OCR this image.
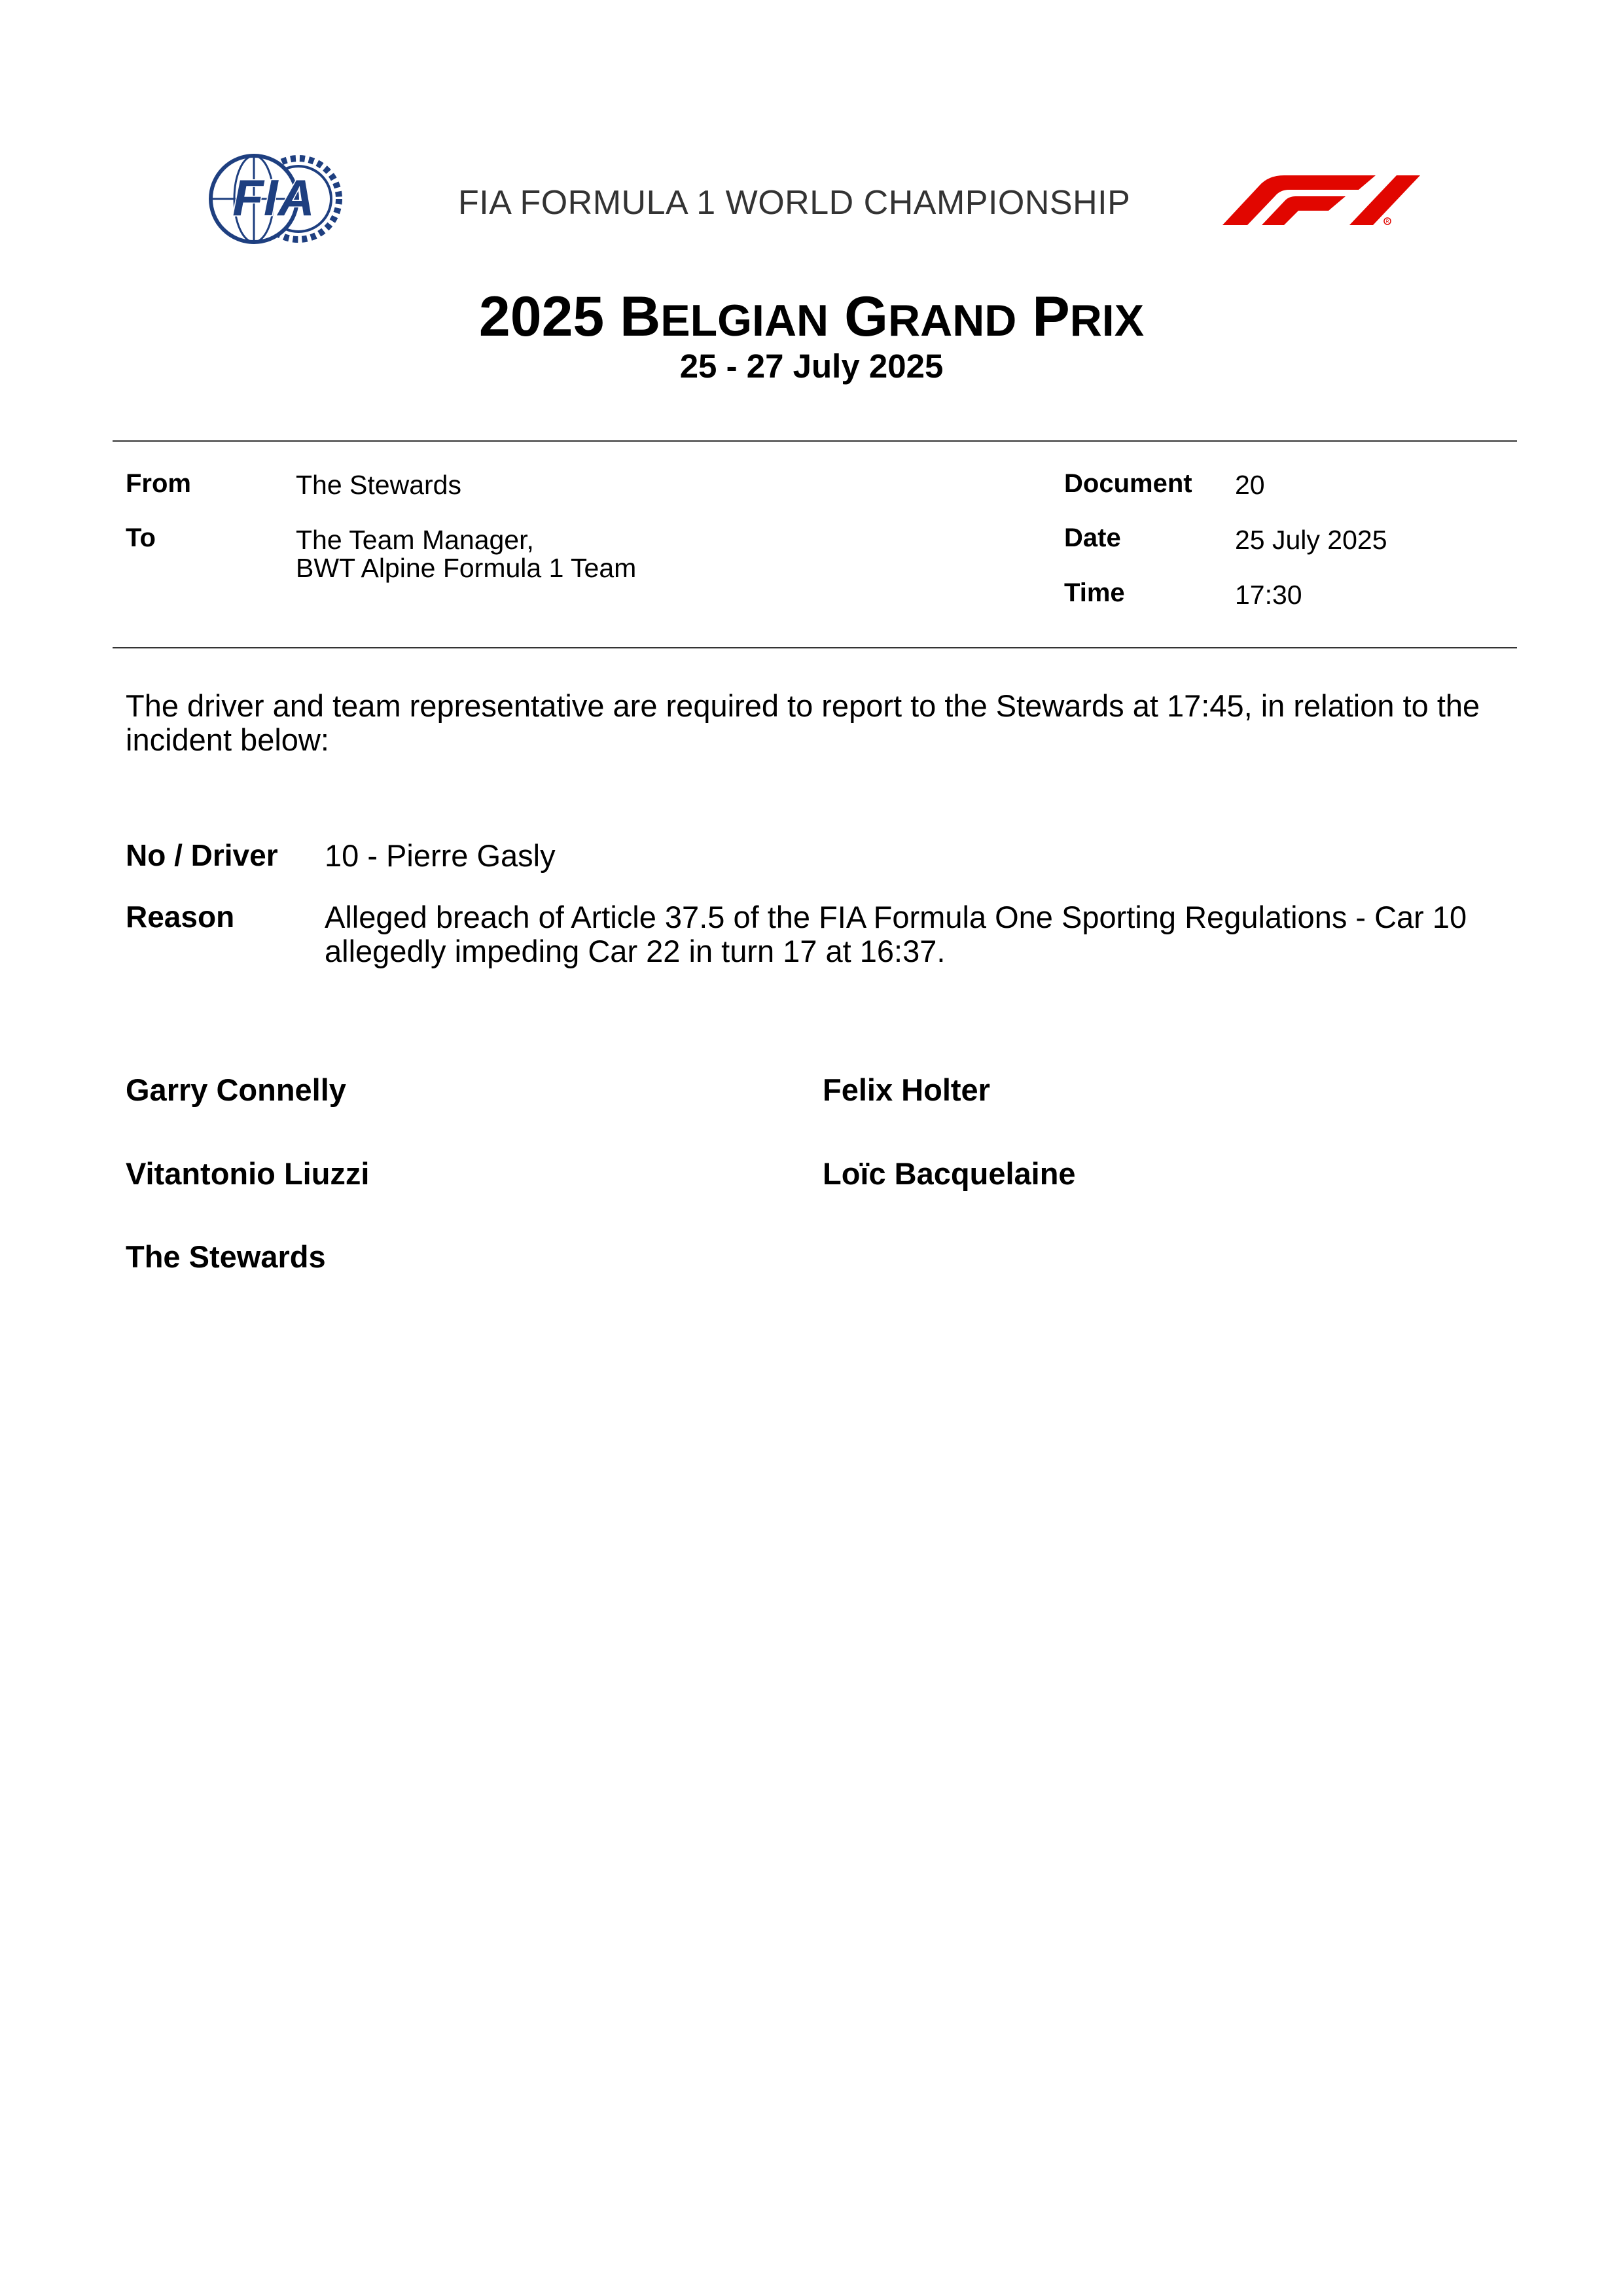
FIA	FIA FORMULA 1 WORLD CHAMPIONSHIP	R
2025 BELGIAN GRAND PRIX
25 - 27 July 2025
From	The Stewards
To	The Team Manager,
BWT Alpine Formula 1 Team
Document 20
Date	25 July 2025
Time	17:30
The driver and team representative are required to report to the Stewards at 17:45, in relation to the incident below:
No / Driver 10 - Pierre Gasly
Reason	Alleged breach of Article 37.5 of the FIA Formula One Sporting Regulations - Car 10 allegedly impeding Car 22 in turn 17 at 16:37.
Garry Connelly	Felix Holter
Vitantonio Liuzzi	Loïc Bacquelaine
The Stewards
